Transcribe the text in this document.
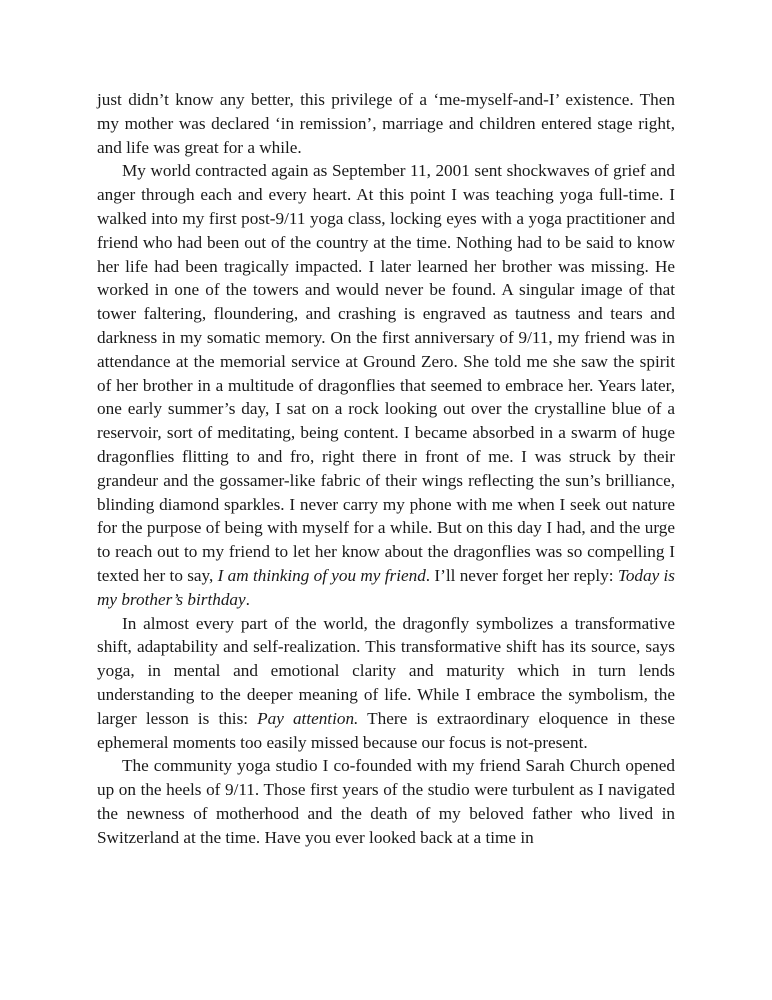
just didn’t know any better, this privilege of a ‘me-myself-and-I’ existence. Then my mother was declared ‘in remission’, marriage and children entered stage right, and life was great for a while.

My world contracted again as September 11, 2001 sent shockwaves of grief and anger through each and every heart. At this point I was teaching yoga full-time. I walked into my first post-9/11 yoga class, locking eyes with a yoga practitioner and friend who had been out of the country at the time. Nothing had to be said to know her life had been tragically impacted. I later learned her brother was missing. He worked in one of the towers and would never be found. A singular image of that tower faltering, floundering, and crashing is engraved as tautness and tears and darkness in my somatic memory. On the first anniversary of 9/11, my friend was in attendance at the memorial service at Ground Zero. She told me she saw the spirit of her brother in a multitude of dragonflies that seemed to embrace her. Years later, one early summer’s day, I sat on a rock looking out over the crystalline blue of a reservoir, sort of meditating, being content. I became absorbed in a swarm of huge dragonflies flitting to and fro, right there in front of me. I was struck by their grandeur and the gossamer-like fabric of their wings reflecting the sun’s brilliance, blinding diamond sparkles. I never carry my phone with me when I seek out nature for the purpose of being with myself for a while. But on this day I had, and the urge to reach out to my friend to let her know about the dragonflies was so compelling I texted her to say, I am thinking of you my friend. I’ll never forget her reply: Today is my brother’s birthday.

In almost every part of the world, the dragonfly symbolizes a transformative shift, adaptability and self-realization. This transformative shift has its source, says yoga, in mental and emotional clarity and maturity which in turn lends understanding to the deeper meaning of life. While I embrace the symbolism, the larger lesson is this: Pay attention. There is extraordinary eloquence in these ephemeral moments too easily missed because our focus is not-present.

The community yoga studio I co-founded with my friend Sarah Church opened up on the heels of 9/11. Those first years of the studio were turbulent as I navigated the newness of motherhood and the death of my beloved father who lived in Switzerland at the time. Have you ever looked back at a time in
